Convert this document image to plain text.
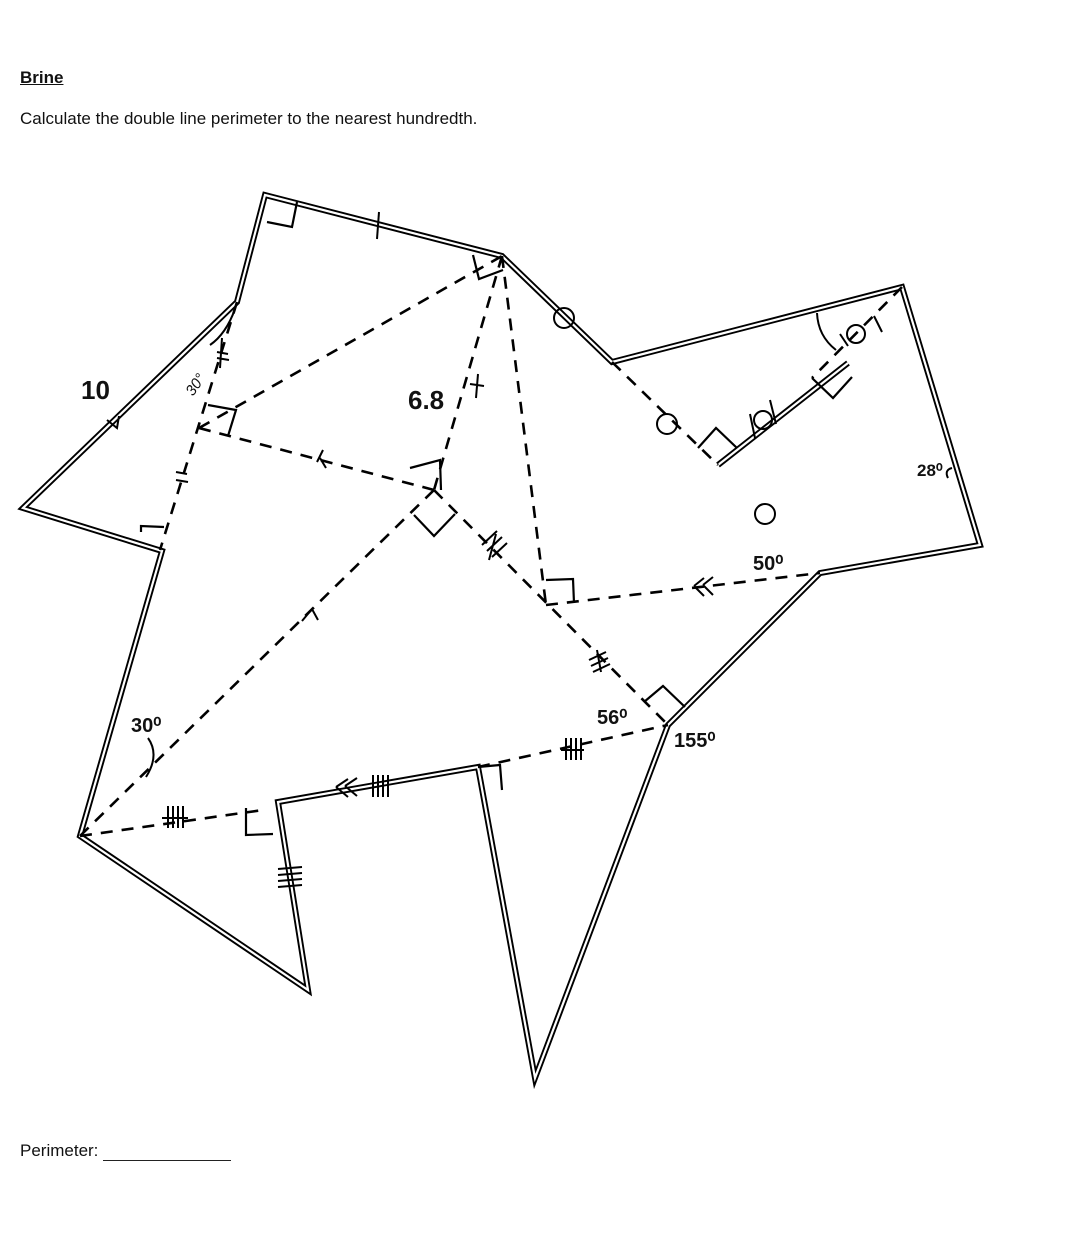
Brine
Calculate the double line perimeter to the nearest hundredth.
10	6.8
30°
30⁰	56⁰
155⁰
50⁰
28⁰
Perimeter:
